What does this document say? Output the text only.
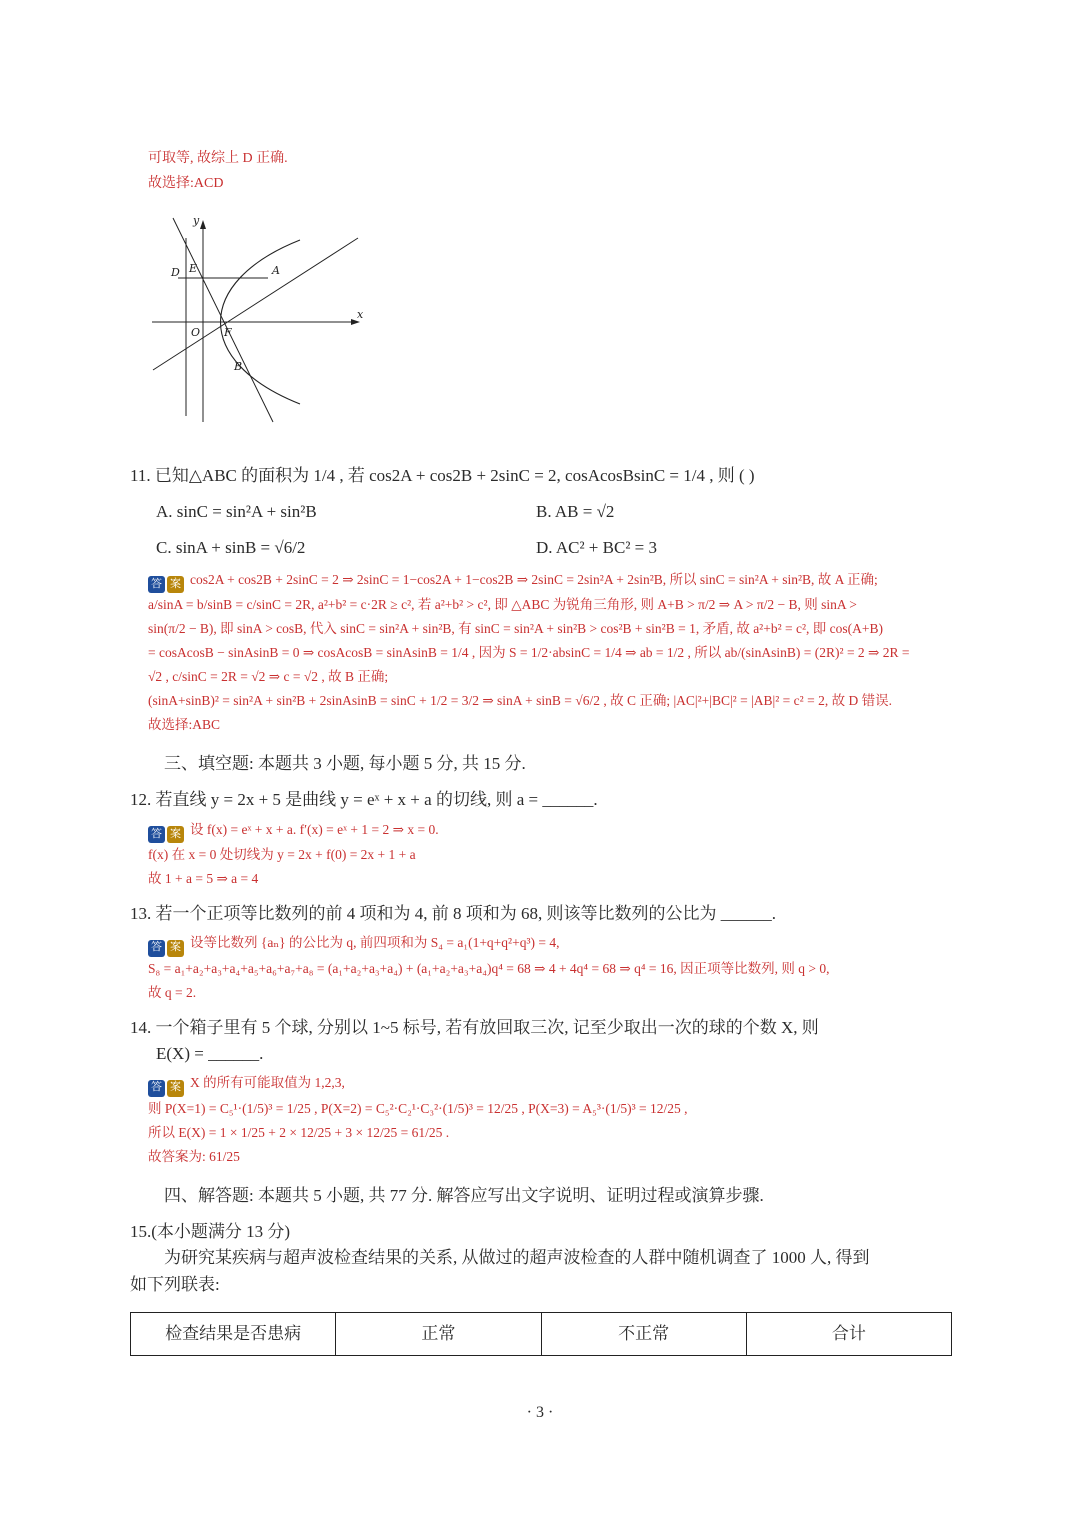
可取等, 故综上 D 正确.
故选择:ACD
y
x
E
D	A
O F
B
11. 已知△ABC 的面积为 1/4 , 若 cos2A + cos2B + 2sinC = 2, cosAcosBsinC = 1/4 , 则 ( )
A. sinC = sin²A + sin²B	B. AB = √2
C. sinA + sinB = √6/2	D. AC² + BC² = 3
答 案 cos2A + cos2B + 2sinC = 2 ⇒ 2sinC = 1−cos2A + 1−cos2B ⇒ 2sinC = 2sin²A + 2sin²B, 所以 sinC = sin²A + sin²B, 故 A 正确;
a/sinA = b/sinB = c/sinC = 2R, a²+b² = c·2R ≥ c², 若 a²+b² > c², 即 △ABC 为锐角三角形, 则 A+B > π/2 ⇒ A > π/2 − B, 则 sinA >
sin(π/2 − B), 即 sinA > cosB, 代入 sinC = sin²A + sin²B, 有 sinC = sin²A + sin²B > cos²B + sin²B = 1, 矛盾, 故 a²+b² = c², 即 cos(A+B)
= cosAcosB − sinAsinB = 0 ⇒ cosAcosB = sinAsinB = 1/4 , 因为 S = 1/2·absinC = 1/4 ⇒ ab = 1/2 , 所以 ab/(sinAsinB) = (2R)² = 2 ⇒ 2R =
√2 , c/sinC = 2R = √2 ⇒ c = √2 , 故 B 正确;
(sinA+sinB)² = sin²A + sin²B + 2sinAsinB = sinC + 1/2 = 3/2 ⇒ sinA + sinB = √6/2 , 故 C 正确; |AC|²+|BC|² = |AB|² = c² = 2, 故 D 错误.
故选择:ABC
三、填空题: 本题共 3 小题, 每小题 5 分, 共 15 分.
12. 若直线 y = 2x + 5 是曲线 y = eˣ + x + a 的切线, 则 a = ______.
答 案 设 f(x) = eˣ + x + a. f′(x) = eˣ + 1 = 2 ⇒ x = 0.
f(x) 在 x = 0 处切线为 y = 2x + f(0) = 2x + 1 + a
故 1 + a = 5 ⇒ a = 4
13. 若一个正项等比数列的前 4 项和为 4, 前 8 项和为 68, 则该等比数列的公比为 ______.
答 案 设等比数列 {aₙ} 的公比为 q, 前四项和为 S₄ = a₁(1+q+q²+q³) = 4,
S₈ = a₁+a₂+a₃+a₄+a₅+a₆+a₇+a₈ = (a₁+a₂+a₃+a₄) + (a₁+a₂+a₃+a₄)q⁴ = 68 ⇒ 4 + 4q⁴ = 68 ⇒ q⁴ = 16, 因正项等比数列, 则 q > 0,
故 q = 2.
14. 一个箱子里有 5 个球, 分别以 1~5 标号, 若有放回取三次, 记至少取出一次的球的个数 X, 则
E(X) = ______.
答 案 X 的所有可能取值为 1,2,3,
则 P(X=1) = C₅¹·(1/5)³ = 1/25 , P(X=2) = C₅²·C₂¹·C₃²·(1/5)³ = 12/25 , P(X=3) = A₅³·(1/5)³ = 12/25 ,
所以 E(X) = 1 × 1/25 + 2 × 12/25 + 3 × 12/25 = 61/25 .
故答案为: 61/25
四、解答题: 本题共 5 小题, 共 77 分. 解答应写出文字说明、证明过程或演算步骤.
15.(本小题满分 13 分)
为研究某疾病与超声波检查结果的关系, 从做过的超声波检查的人群中随机调查了 1000 人, 得到
如下列联表:
检查结果是否患病	正常	不正常	合计
· 3 ·
